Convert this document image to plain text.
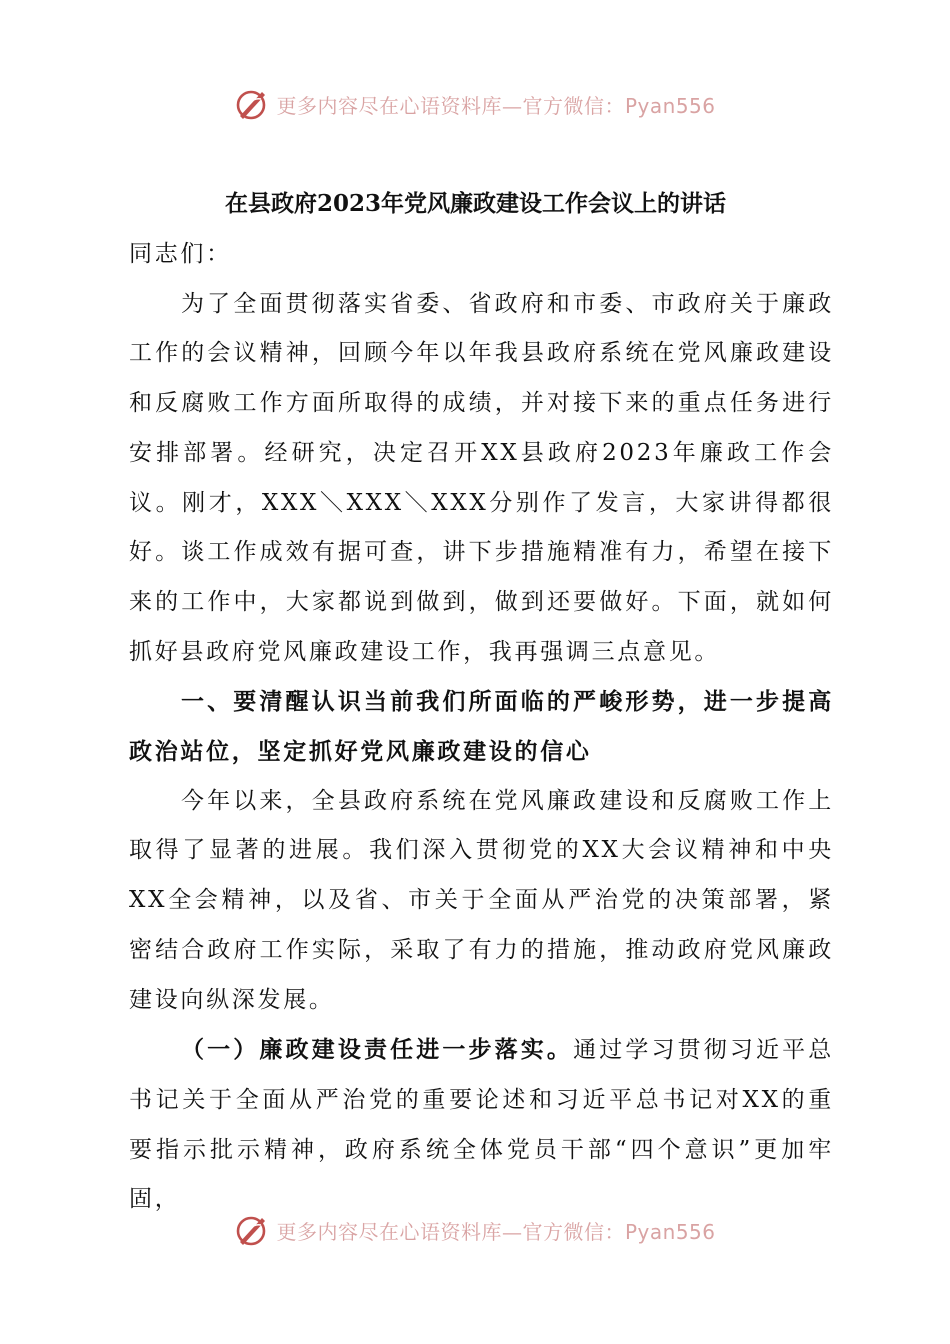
更多内容尽在心语资料库—官方微信：Pyan556
在县政府2023年党风廉政建设工作会议上的讲话

同志们：

为了全面贯彻落实省委、省政府和市委、市政府关于廉政工作的会议精神，回顾今年以年我县政府系统在党风廉政建设和反腐败工作方面所取得的成绩，并对接下来的重点任务进行安排部署。经研究，决定召开XX县政府2023年廉政工作会议。刚才，XXX＼XXX＼XXX分别作了发言，大家讲得都很好。谈工作成效有据可查，讲下步措施精准有力，希望在接下来的工作中，大家都说到做到，做到还要做好。下面，就如何抓好县政府党风廉政建设工作，我再强调三点意见。

一、要清醒认识当前我们所面临的严峻形势，进一步提高政治站位，坚定抓好党风廉政建设的信心

今年以来，全县政府系统在党风廉政建设和反腐败工作上取得了显著的进展。我们深入贯彻党的XX大会议精神和中央XX全会精神，以及省、市关于全面从严治党的决策部署，紧密结合政府工作实际，采取了有力的措施，推动政府党风廉政建设向纵深发展。

（一）廉政建设责任进一步落实。通过学习贯彻习近平总书记关于全面从严治党的重要论述和习近平总书记对XX的重要指示批示精神，政府系统全体党员干部“四个意识”更加牢固，

更多内容尽在心语资料库—官方微信：Pyan556
